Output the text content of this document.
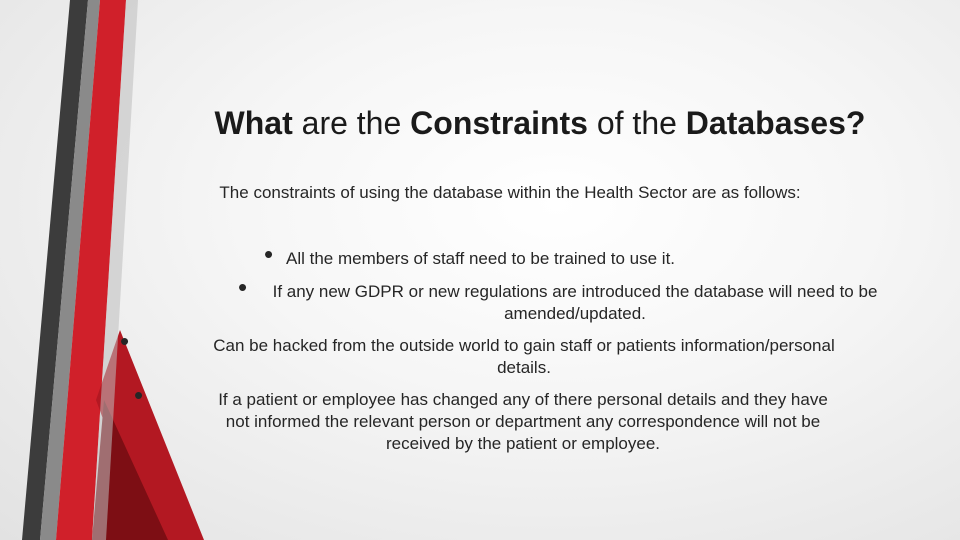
What are the Constraints of the Databases?
The constraints of using the database within the Health Sector are as follows:
• All the members of staff need to be trained to use it.
•	If any new GDPR or new regulations are introduced the database will need to be
amended/updated.
•	Can be hacked from the outside world to gain staff or patients information/personal
details.
•	If a patient or employee has changed any of there personal details and they have
not informed the relevant person or department any correspondence will not be
received by the patient or employee.
